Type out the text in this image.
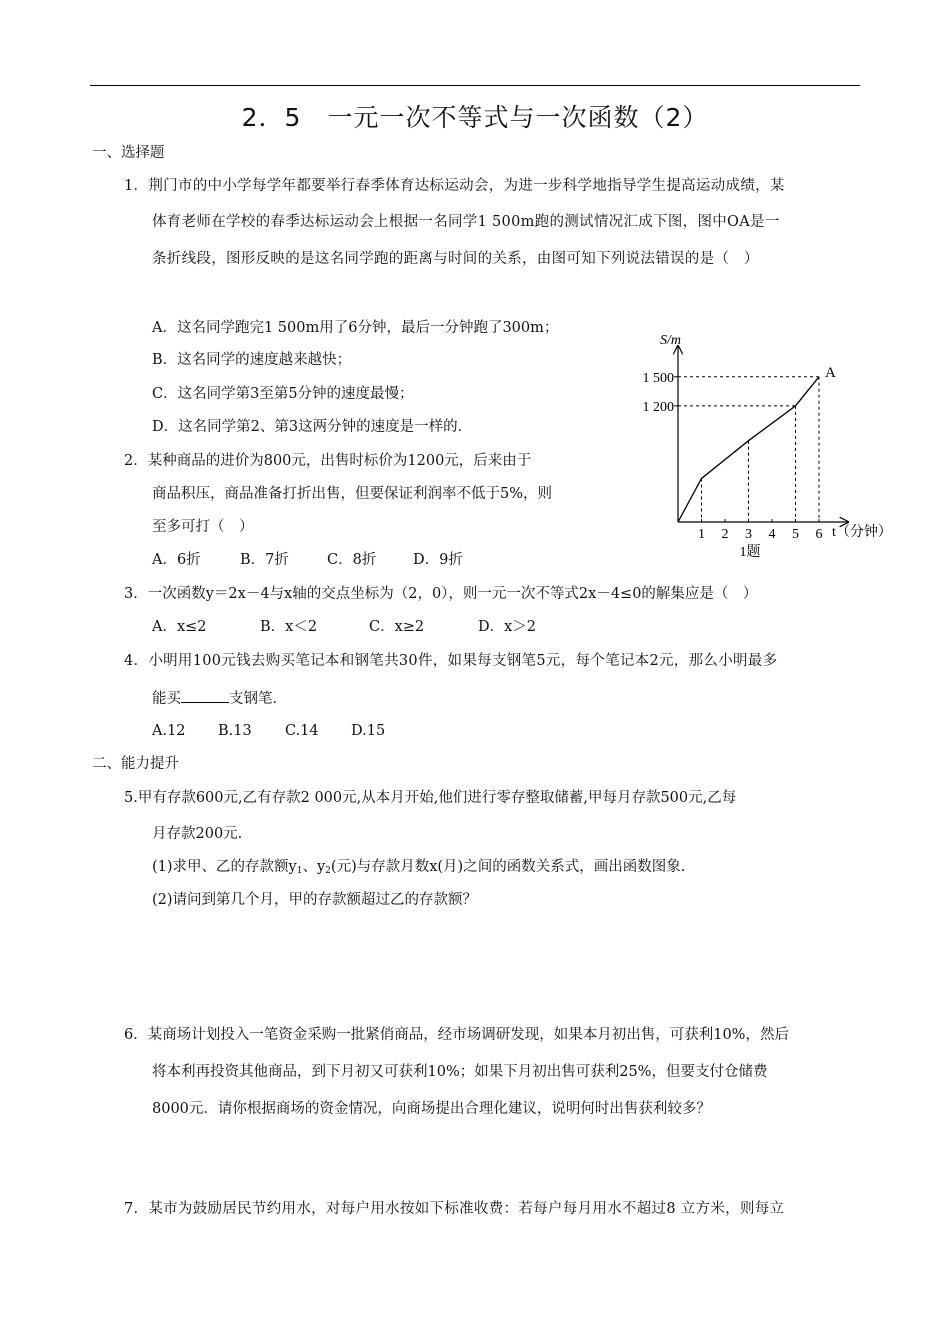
2．5　一元一次不等式与一次函数（2）
一、选择题
1．荆门市的中小学每学年都要举行春季体育达标运动会，为进一步科学地指导学生提高运动成绩，某
体育老师在学校的春季达标运动会上根据一名同学1 500m跑的测试情况汇成下图，图中OA是一
条折线段，图形反映的是这名同学跑的距离与时间的关系，由图可知下列说法错误的是（　）
A．这名同学跑完1 500m用了6分钟，最后一分钟跑了300m；
B．这名同学的速度越来越快；
C．这名同学第3至第5分钟的速度最慢；
D．这名同学第2、第3这两分钟的速度是一样的．
2．某种商品的进价为800元，出售时标价为1200元，后来由于
商品积压，商品准备打折出售，但要保证利润率不低于5%，则
至多可打（　）
A．6折	B．7折	C．8折	D．9折
3．一次函数y＝2x－4与x轴的交点坐标为（2，0），则一元一次不等式2x－4≤0的解集应是（　）
A．x≤2	B．x＜2	C．x≥2	D．x＞2
4．小明用100元钱去购买笔记本和钢笔共30件，如果每支钢笔5元，每个笔记本2元，那么小明最多
能买	支钢笔．
A.12 B.13 C.14 D.15
二、能力提升
5.甲有存款600元,乙有存款2 000元,从本月开始,他们进行零存整取储蓄,甲每月存款500元,乙每
月存款200元.
(1)求甲、乙的存款额$y_1$、$y_2$(元)与存款月数x(月)之间的函数关系式，画出函数图象.
(2)请问到第几个月，甲的存款额超过乙的存款额？
6．某商场计划投入一笔资金采购一批紧俏商品，经市场调研发现，如果本月初出售，可获利10%，然后
将本利再投资其他商品，到下月初又可获利10%；如果下月初出售可获利25%，但要支付仓储费
8000元．请你根据商场的资金情况，向商场提出合理化建议，说明何时出售获利较多？
7．某市为鼓励居民节约用水，对每户用水按如下标准收费：若每户每月用水不超过8 立方米，则每立
1 500
1 200
1 2 3 4 5 6
S/m
t（分钟）
1题
A
